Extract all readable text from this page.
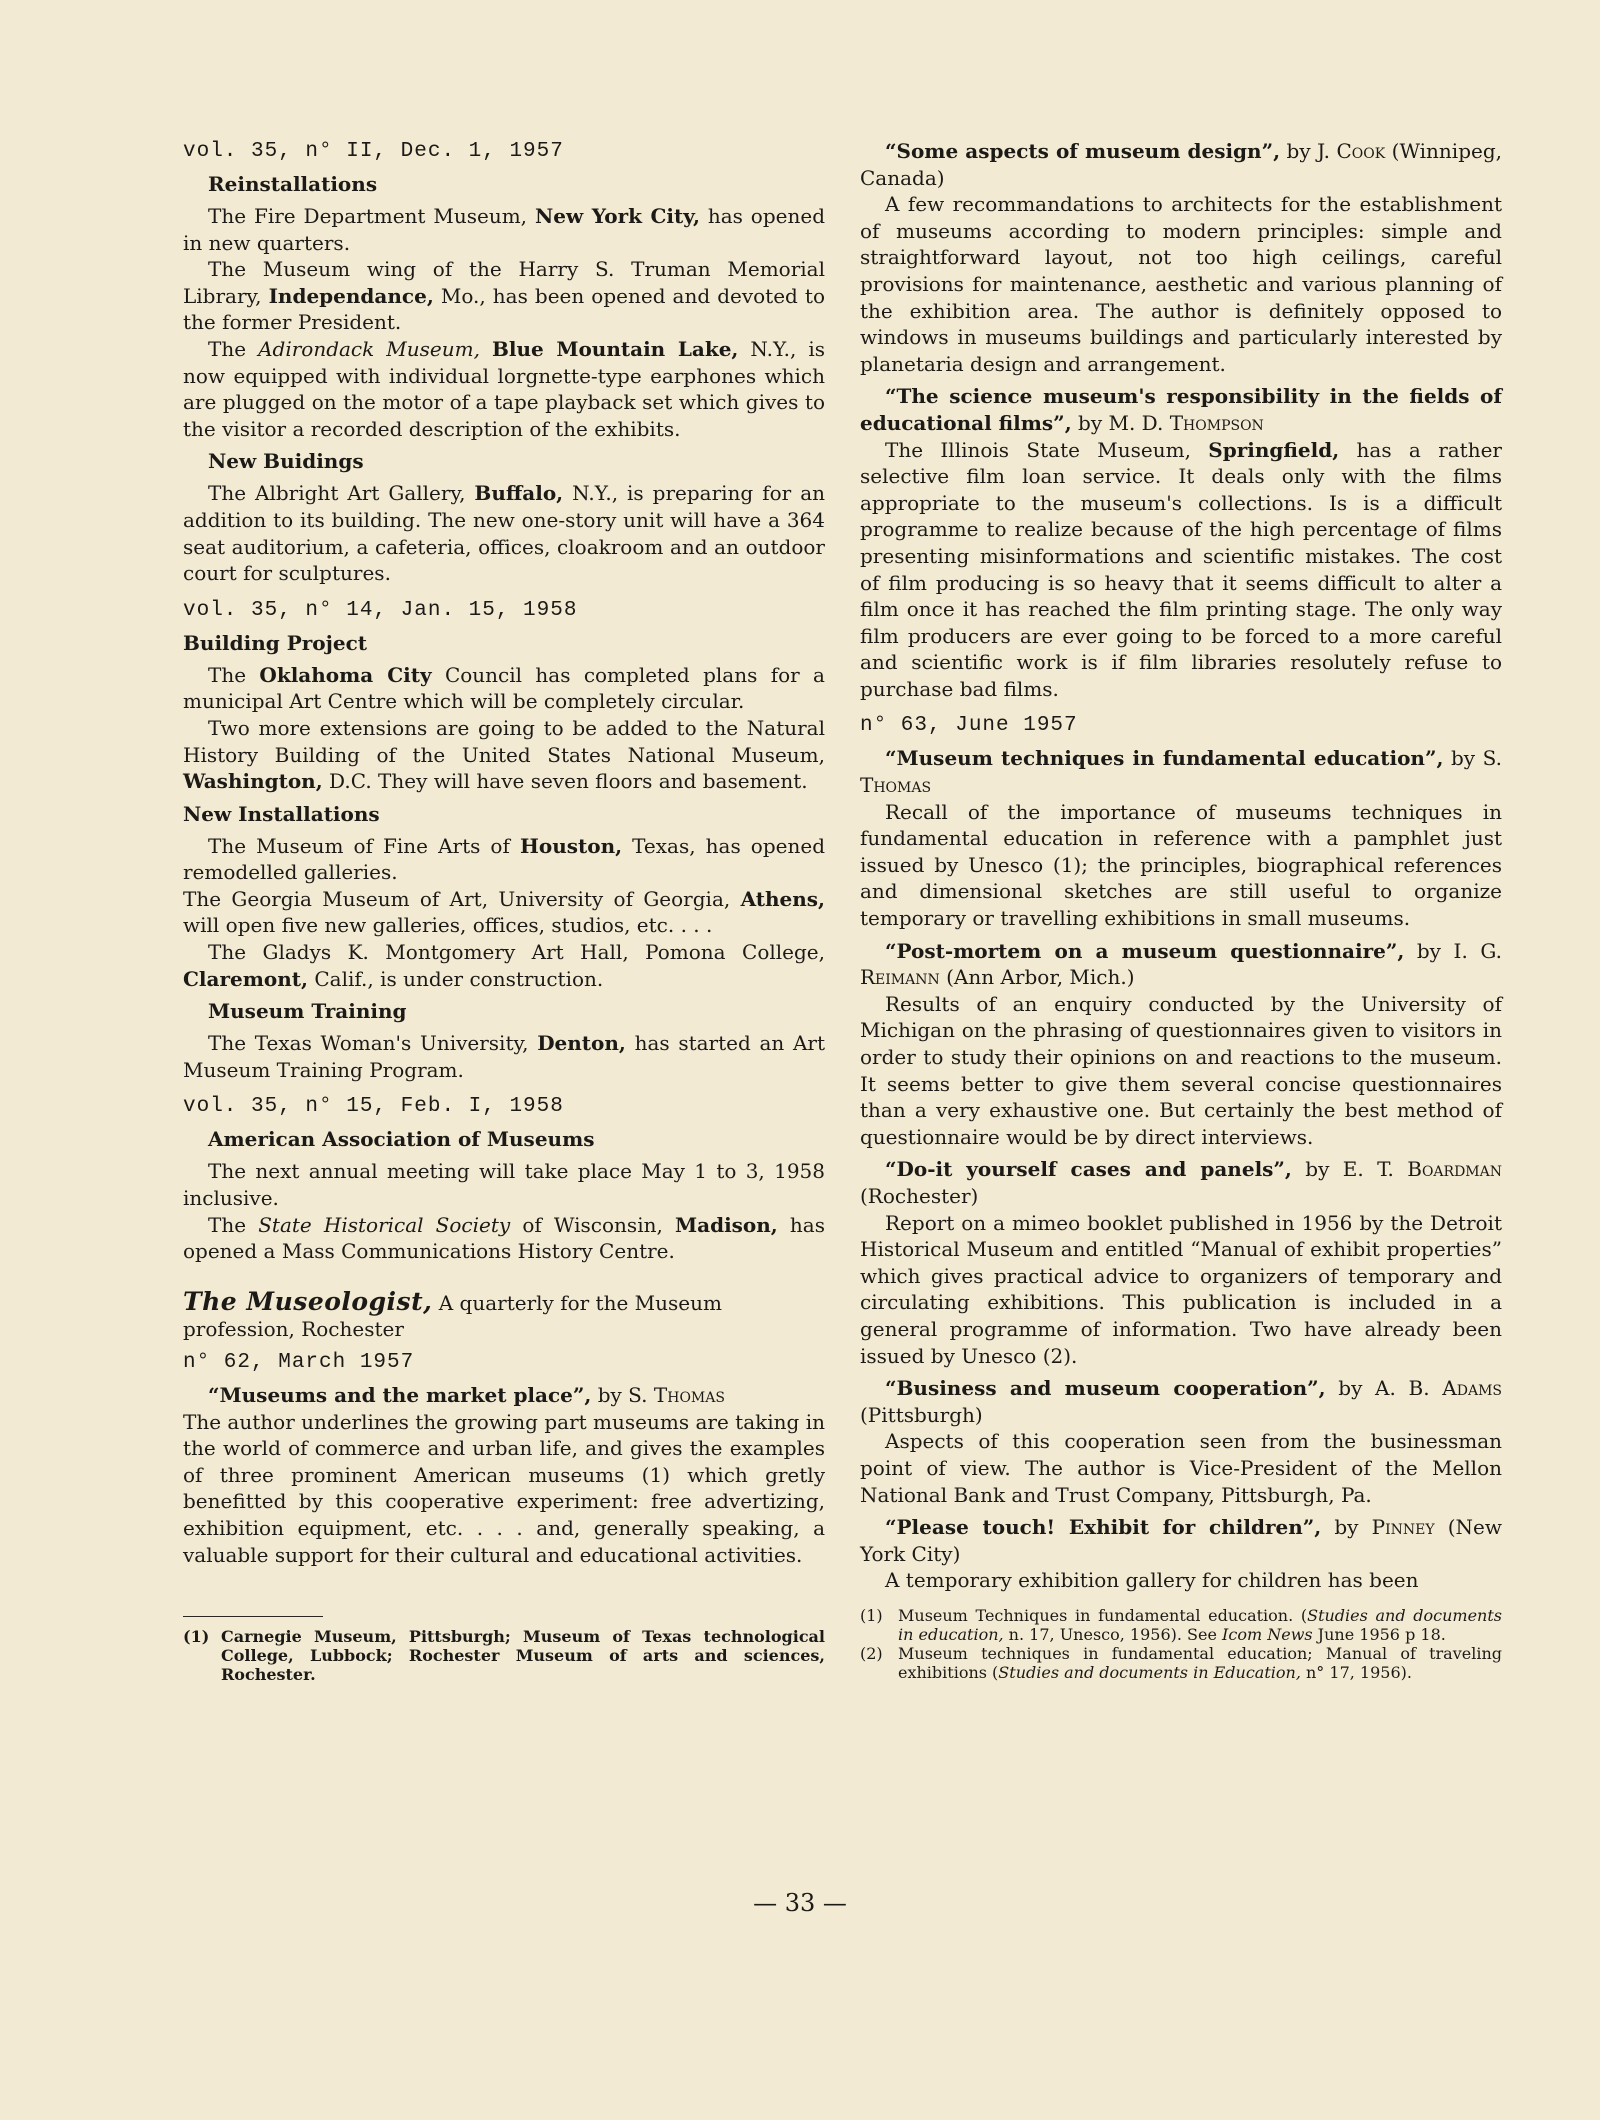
vol. 35, n° II, Dec. 1, 1957

Reinstallations

The Fire Department Museum, New York City, has opened in new quarters.

The Museum wing of the Harry S. Truman Memorial Library, Independance, Mo., has been opened and devoted to the former President.

The Adirondack Museum, Blue Mountain Lake, N.Y., is now equipped with individual lorgnette-type earphones which are plugged on the motor of a tape playback set which gives to the visitor a recorded description of the exhibits.

New Buidings

The Albright Art Gallery, Buffalo, N.Y., is preparing for an addition to its building. The new one-story unit will have a 364 seat auditorium, a cafeteria, offices, cloakroom and an outdoor court for sculptures.

vol. 35, n° 14, Jan. 15, 1958

Building Project

The Oklahoma City Council has completed plans for a municipal Art Centre which will be completely circular.

Two more extensions are going to be added to the Natural History Building of the United States National Museum, Washington, D.C. They will have seven floors and basement.

New Installations

The Museum of Fine Arts of Houston, Texas, has opened remodelled galleries.

The Georgia Museum of Art, University of Georgia, Athens, will open five new galleries, offices, studios, etc. . . .

The Gladys K. Montgomery Art Hall, Pomona College, Claremont, Calif., is under construction.

Museum Training

The Texas Woman's University, Denton, has started an Art Museum Training Program.

vol. 35, n° 15, Feb. I, 1958

American Association of Museums

The next annual meeting will take place May 1 to 3, 1958 inclusive.

The State Historical Society of Wisconsin, Madison, has opened a Mass Communications History Centre.

The Museologist, A quarterly for the Museum profession, Rochester

n° 62, March 1957

“Museums and the market place”, by S. Thomas

The author underlines the growing part museums are taking in the world of commerce and urban life, and gives the examples of three prominent American museums (1) which gretly benefitted by this cooperative experiment: free advertizing, exhibition equipment, etc. . . . and, generally speaking, a valuable support for their cultural and educational activities.

(1) Carnegie Museum, Pittsburgh; Museum of Texas technological College, Lubbock; Rochester Museum of arts and sciences, Rochester.

“Some aspects of museum design”, by J. Cook (Winnipeg, Canada)

A few recommandations to architects for the establishment of museums according to modern principles: simple and straightforward layout, not too high ceilings, careful provisions for maintenance, aesthetic and various planning of the exhibition area. The author is definitely opposed to windows in museums buildings and particularly interested by planetaria design and arrangement.

“The science museum's responsibility in the fields of educational films”, by M. D. Thompson

The Illinois State Museum, Springfield, has a rather selective film loan service. It deals only with the films appropriate to the museum's collections. Is is a difficult programme to realize because of the high percentage of films presenting misinformations and scientific mistakes. The cost of film producing is so heavy that it seems difficult to alter a film once it has reached the film printing stage. The only way film producers are ever going to be forced to a more careful and scientific work is if film libraries resolutely refuse to purchase bad films.

n° 63, June 1957

“Museum techniques in fundamental education”, by S. Thomas

Recall of the importance of museums techniques in fundamental education in reference with a pamphlet just issued by Unesco (1); the principles, biographical references and dimensional sketches are still useful to organize temporary or travelling exhibitions in small museums.

“Post-mortem on a museum questionnaire”, by I. G. Reimann (Ann Arbor, Mich.)

Results of an enquiry conducted by the University of Michigan on the phrasing of questionnaires given to visitors in order to study their opinions on and reactions to the museum. It seems better to give them several concise questionnaires than a very exhaustive one. But certainly the best method of questionnaire would be by direct interviews.

“Do-it yourself cases and panels”, by E. T. Boardman (Rochester)

Report on a mimeo booklet published in 1956 by the Detroit Historical Museum and entitled “Manual of exhibit properties” which gives practical advice to organizers of temporary and circulating exhibitions. This publication is included in a general programme of information. Two have already been issued by Unesco (2).

“Business and museum cooperation”, by A. B. Adams (Pittsburgh)

Aspects of this cooperation seen from the businessman point of view. The author is Vice-President of the Mellon National Bank and Trust Company, Pittsburgh, Pa.

“Please touch! Exhibit for children”, by Pinney (New York City)

A temporary exhibition gallery for children has been

(1) Museum Techniques in fundamental education. (Studies and documents in education, n. 17, Unesco, 1956). See Icom News June 1956 p 18.

(2) Museum techniques in fundamental education; Manual of traveling exhibitions (Studies and documents in Education, n° 17, 1956).

— 33 —
